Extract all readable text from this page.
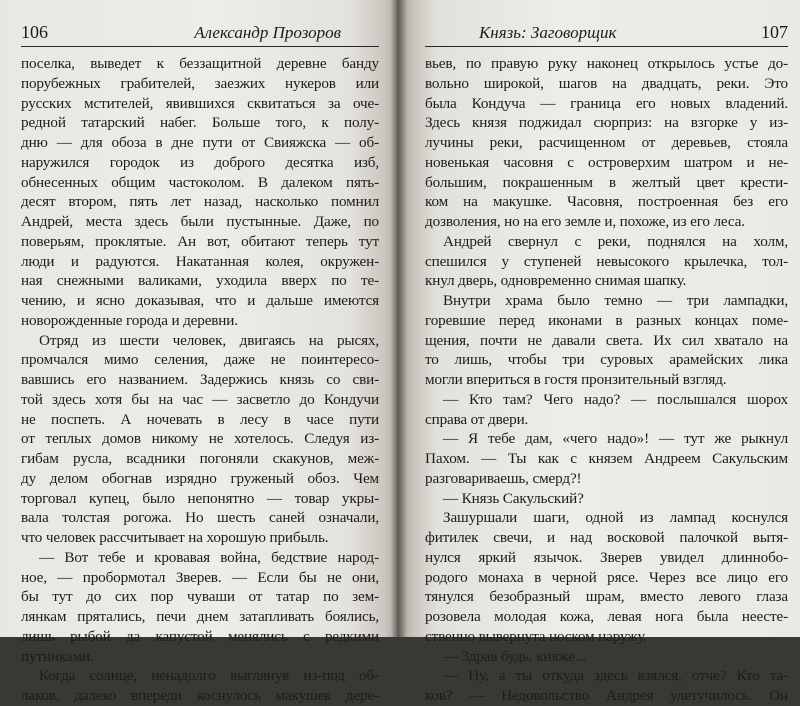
106	Александр Прозоров
поселка, выведет к беззащитной деревне банду
порубежных грабителей, заезжих нукеров или
русских мстителей, явившихся сквитаться за оче-
редной татарский набег. Больше того, к полу-
дню — для обоза в дне пути от Свияжска — об-
наружился городок из доброго десятка изб,
обнесенных общим частоколом. В далеком пять-
десят втором, пять лет назад, насколько помнил
Андрей, места здесь были пустынные. Даже, по
поверьям, проклятые. Ан вот, обитают теперь тут
люди и радуются. Накатанная колея, окружен-
ная снежными валиками, уходила вверх по те-
чению, и ясно доказывая, что и дальше имеются
новорожденные города и деревни.
Отряд из шести человек, двигаясь на рысях,
промчался мимо селения, даже не поинтересо-
вавшись его названием. Задержись князь со сви-
той здесь хотя бы на час — засветло до Кондучи
не поспеть. А ночевать в лесу в часе пути
от теплых домов никому не хотелось. Следуя из-
гибам русла, всадники погоняли скакунов, меж-
ду делом обогнав изрядно груженый обоз. Чем
торговал купец, было непонятно — товар укры-
вала толстая рогожа. Но шесть саней означали,
что человек рассчитывает на хорошую прибыль.
— Вот тебе и кровавая война, бедствие народ-
ное, — пробормотал Зверев. — Если бы не они,
бы тут до сих пор чуваши от татар по зем-
лянкам прятались, печи днем затапливать боялись,
лишь рыбой да капустой менялись с редкими
путниками.
Когда солнце, ненадолго выглянув из-под об-
лаков, далеко впереди коснулось макушек дере-
Князь: Заговорщик	107
вьев, по правую руку наконец открылось устье до-
вольно широкой, шагов на двадцать, реки. Это
была Кондуча — граница его новых владений.
Здесь князя поджидал сюрприз: на взгорке у из-
лучины реки, расчищенном от деревьев, стояла
новенькая часовня с островерхим шатром и не-
большим, покрашенным в желтый цвет крести-
ком на макушке. Часовня, построенная без его
дозволения, но на его земле и, похоже, из его леса.
Андрей свернул с реки, поднялся на холм,
спешился у ступеней невысокого крылечка, тол-
кнул дверь, одновременно снимая шапку.
Внутри храма было темно — три лампадки,
горевшие перед иконами в разных концах поме-
щения, почти не давали света. Их сил хватало на
то лишь, чтобы три суровых арамейских лика
могли впериться в гостя пронзительный взгляд.
— Кто там? Чего надо? — послышался шорох
справа от двери.
— Я тебе дам, «чего надо»! — тут же рыкнул
Пахом. — Ты как с князем Андреем Сакульским
разговариваешь, смерд?!
— Князь Сакульский?
Зашуршали шаги, одной из лампад коснулся
фитилек свечи, и над восковой палочкой вытя-
нулся яркий язычок. Зверев увидел длиннобо-
родого монаха в черной рясе. Через все лицо его
тянулся безобразный шрам, вместо левого глаза
розовела молодая кожа, левая нога была неесте-
ственно вывернута носком наружу.
— Здрав будь, княже...
— Ну, а ты откуда здесь взялся, отче? Кто та-
ков? — Недовольство Андрея улетучилось. Он
